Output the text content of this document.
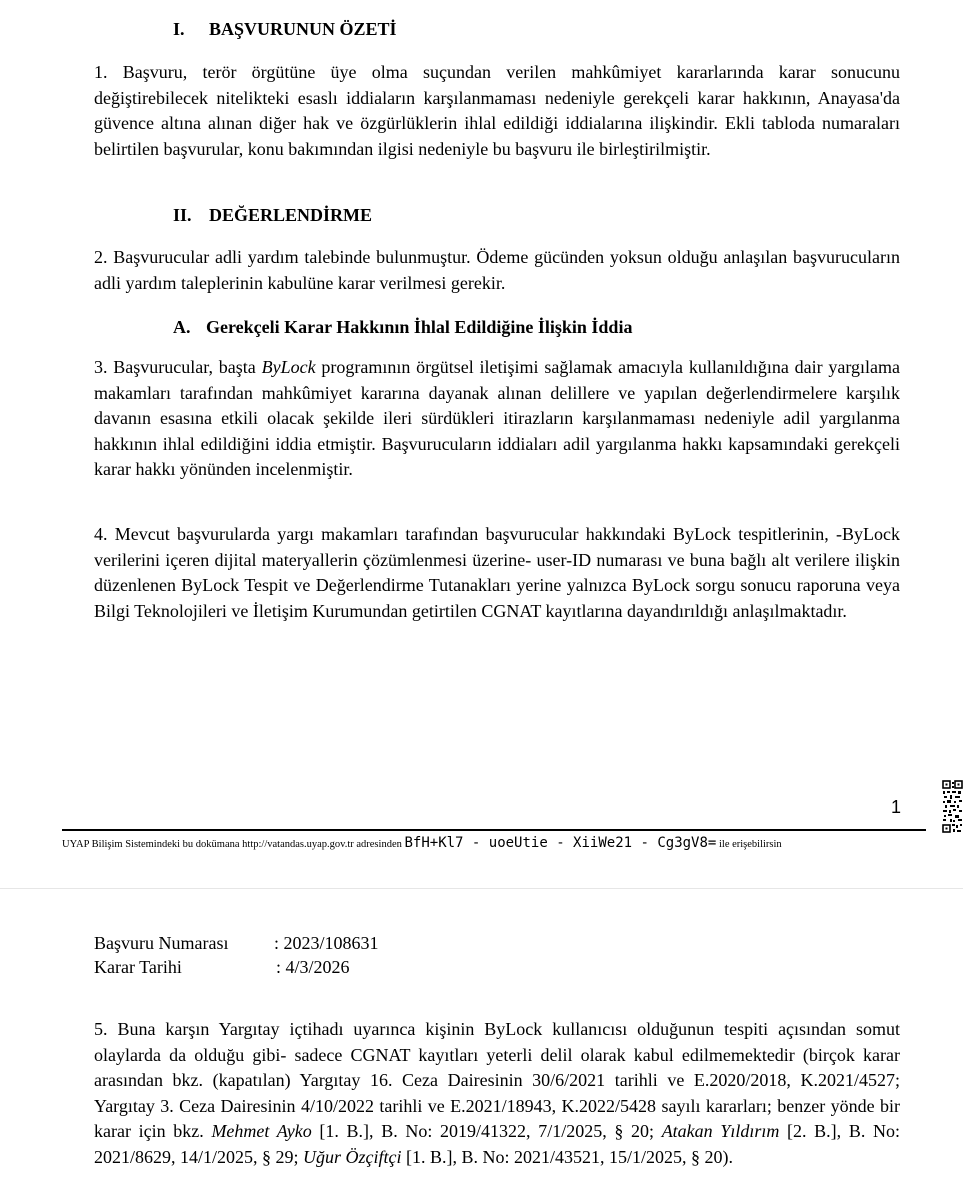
I. BAŞVURUNUN ÖZETİ
1. Başvuru, terör örgütüne üye olma suçundan verilen mahkûmiyet kararlarında karar sonucunu değiştirebilecek nitelikteki esaslı iddiaların karşılanmaması nedeniyle gerekçeli karar hakkının, Anayasa'da güvence altına alınan diğer hak ve özgürlüklerin ihlal edildiği iddialarına ilişkindir. Ekli tabloda numaraları belirtilen başvurular, konu bakımından ilgisi nedeniyle bu başvuru ile birleştirilmiştir.
II. DEĞERLENDİRME
2. Başvurucular adli yardım talebinde bulunmuştur. Ödeme gücünden yoksun olduğu anlaşılan başvurucuların adli yardım taleplerinin kabulüne karar verilmesi gerekir.
A. Gerekçeli Karar Hakkının İhlal Edildiğine İlişkin İddia
3. Başvurucular, başta ByLock programının örgütsel iletişimi sağlamak amacıyla kullanıldığına dair yargılama makamları tarafından mahkûmiyet kararına dayanak alınan delillere ve yapılan değerlendirmelere karşılık davanın esasına etkili olacak şekilde ileri sürdükleri itirazların karşılanmaması nedeniyle adil yargılanma hakkının ihlal edildiğini iddia etmiştir. Başvurucuların iddiaları adil yargılanma hakkı kapsamındaki gerekçeli karar hakkı yönünden incelenmiştir.
4. Mevcut başvurularda yargı makamları tarafından başvurucular hakkındaki ByLock tespitlerinin, -ByLock verilerini içeren dijital materyallerin çözümlenmesi üzerine- user-ID numarası ve buna bağlı alt verilere ilişkin düzenlenen ByLock Tespit ve Değerlendirme Tutanakları yerine yalnızca ByLock sorgu sonucu raporuna veya Bilgi Teknolojileri ve İletişim Kurumundan getirtilen CGNAT kayıtlarına dayandırıldığı anlaşılmaktadır.
1
UYAP Bilişim Sistemindeki bu dokümana http://vatandas.uyap.gov.tr adresinden BfH+Kl7 - uoeUtie - XiiWe21 - Cg3gV8= ile erişebilirsin
Başvuru Numarası	: 2023/108631
Karar Tarihi	: 4/3/2026
5. Buna karşın Yargıtay içtihadı uyarınca kişinin ByLock kullanıcısı olduğunun tespiti açısından somut olaylarda da olduğu gibi- sadece CGNAT kayıtları yeterli delil olarak kabul edilmemektedir (birçok karar arasından bkz. (kapatılan) Yargıtay 16. Ceza Dairesinin 30/6/2021 tarihli ve E.2020/2018, K.2021/4527; Yargıtay 3. Ceza Dairesinin 4/10/2022 tarihli ve E.2021/18943, K.2022/5428 sayılı kararları; benzer yönde bir karar için bkz. Mehmet Ayko [1. B.], B. No: 2019/41322, 7/1/2025, § 20; Atakan Yıldırım [2. B.], B. No: 2021/8629, 14/1/2025, § 29; Uğur Özçiftçi [1. B.], B. No: 2021/43521, 15/1/2025, § 20).
